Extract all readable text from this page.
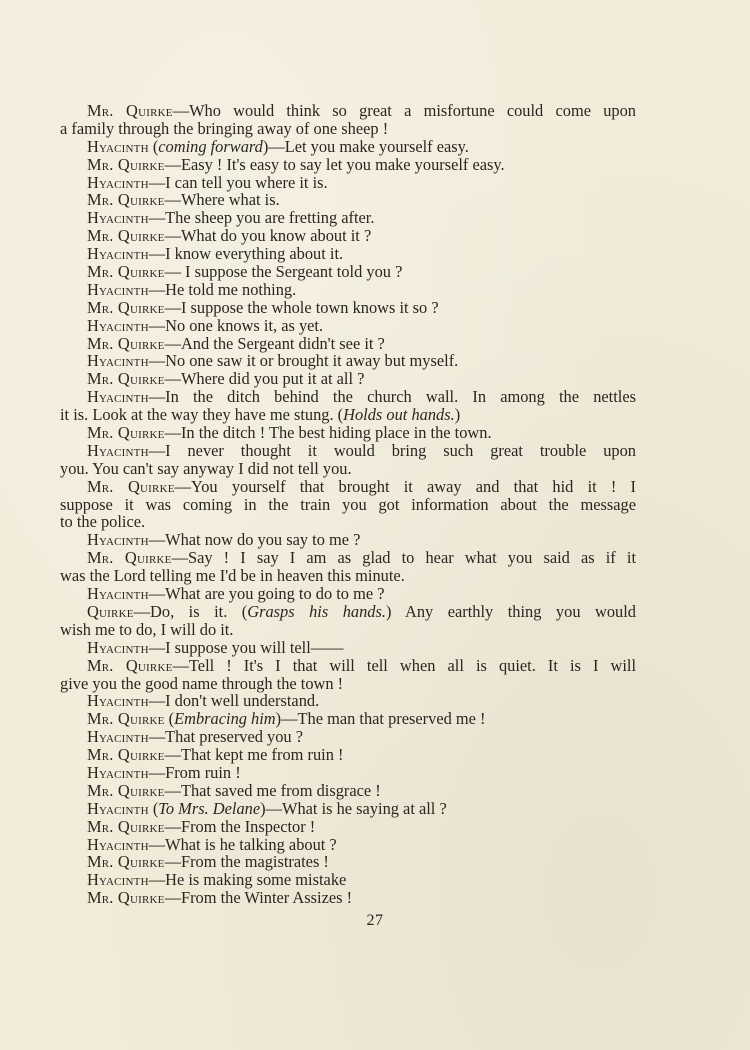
Mr. Quirke—Who would think so great a misfortune could come upon
a family through the bringing away of one sheep !
Hyacinth (coming forward)—Let you make yourself easy.
Mr. Quirke—Easy ! It's easy to say let you make yourself easy.
Hyacinth—I can tell you where it is.
Mr. Quirke—Where what is.
Hyacinth—The sheep you are fretting after.
Mr. Quirke—What do you know about it ?
Hyacinth—I know everything about it.
Mr. Quirke— I suppose the Sergeant told you ?
Hyacinth—He told me nothing.
Mr. Quirke—I suppose the whole town knows it so ?
Hyacinth—No one knows it, as yet.
Mr. Quirke—And the Sergeant didn't see it ?
Hyacinth—No one saw it or brought it away but myself.
Mr. Quirke—Where did you put it at all ?
Hyacinth—In the ditch behind the church wall. In among the nettles
it is. Look at the way they have me stung. (Holds out hands.)
Mr. Quirke—In the ditch ! The best hiding place in the town.
Hyacinth—I never thought it would bring such great trouble upon
you. You can't say anyway I did not tell you.
Mr. Quirke—You yourself that brought it away and that hid it ! I
suppose it was coming in the train you got information about the message
to the police.
Hyacinth—What now do you say to me ?
Mr. Quirke—Say ! I say I am as glad to hear what you said as if it
was the Lord telling me I'd be in heaven this minute.
Hyacinth—What are you going to do to me ?
Quirke—Do, is it. (Grasps his hands.) Any earthly thing you would
wish me to do, I will do it.
Hyacinth—I suppose you will tell——
Mr. Quirke—Tell ! It's I that will tell when all is quiet. It is I will
give you the good name through the town !
Hyacinth—I don't well understand.
Mr. Quirke (Embracing him)—The man that preserved me !
Hyacinth—That preserved you ?
Mr. Quirke—That kept me from ruin !
Hyacinth—From ruin !
Mr. Quirke—That saved me from disgrace !
Hyacinth (To Mrs. Delane)—What is he saying at all ?
Mr. Quirke—From the Inspector !
Hyacinth—What is he talking about ?
Mr. Quirke—From the magistrates !
Hyacinth—He is making some mistake
Mr. Quirke—From the Winter Assizes !
27
